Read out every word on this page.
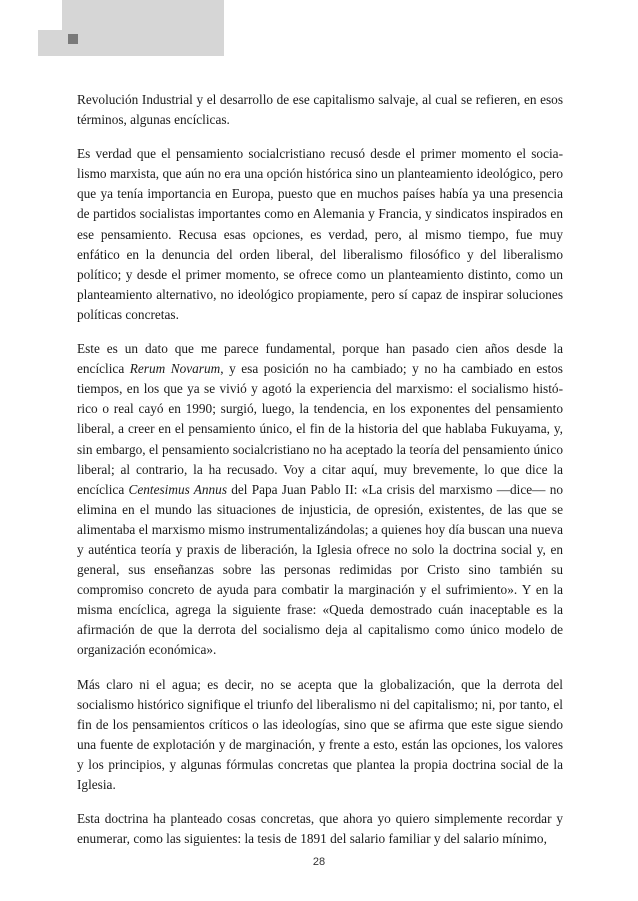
Revolución Industrial y el desarrollo de ese capitalismo salvaje, al cual se refieren, en esos términos, algunas encíclicas.

Es verdad que el pensamiento socialcristiano recusó desde el primer momento el socialismo marxista, que aún no era una opción histórica sino un planteamiento ideológico, pero que ya tenía importancia en Europa, puesto que en muchos países había ya una presencia de partidos socialistas importantes como en Alemania y Francia, y sindicatos inspirados en ese pensamiento. Recusa esas opciones, es verdad, pero, al mismo tiempo, fue muy enfático en la denuncia del orden liberal, del liberalismo filosófico y del liberalismo político; y desde el primer momento, se ofrece como un planteamiento distinto, como un planteamiento alternativo, no ideológico propiamente, pero sí capaz de inspirar soluciones políticas concretas.

Este es un dato que me parece fundamental, porque han pasado cien años desde la encíclica Rerum Novarum, y esa posición no ha cambiado; y no ha cambiado en estos tiempos, en los que ya se vivió y agotó la experiencia del marxismo: el socialismo histórico o real cayó en 1990; surgió, luego, la tendencia, en los exponentes del pensamiento liberal, a creer en el pensamiento único, el fin de la historia del que hablaba Fukuyama, y, sin embargo, el pensamiento socialcristiano no ha aceptado la teoría del pensamiento único liberal; al contrario, la ha recusado. Voy a citar aquí, muy brevemente, lo que dice la encíclica Centesimus Annus del Papa Juan Pablo II: «La crisis del marxismo —dice— no elimina en el mundo las situaciones de injusticia, de opresión, existentes, de las que se alimentaba el marxismo mismo instrumentalizándolas; a quienes hoy día buscan una nueva y auténtica teoría y praxis de liberación, la Iglesia ofrece no solo la doctrina social y, en general, sus enseñanzas sobre las personas redimidas por Cristo sino también su compromiso concreto de ayuda para combatir la marginación y el sufrimiento». Y en la misma encíclica, agrega la siguiente frase: «Queda demostrado cuán inaceptable es la afirmación de que la derrota del socialismo deja al capitalismo como único modelo de organización económica».

Más claro ni el agua; es decir, no se acepta que la globalización, que la derrota del socialismo histórico signifique el triunfo del liberalismo ni del capitalismo; ni, por tanto, el fin de los pensamientos críticos o las ideologías, sino que se afirma que este sigue siendo una fuente de explotación y de marginación, y frente a esto, están las opciones, los valores y los principios, y algunas fórmulas concretas que plantea la propia doctrina social de la Iglesia.

Esta doctrina ha planteado cosas concretas, que ahora yo quiero simplemente recordar y enumerar, como las siguientes: la tesis de 1891 del salario familiar y del salario mínimo,

28
